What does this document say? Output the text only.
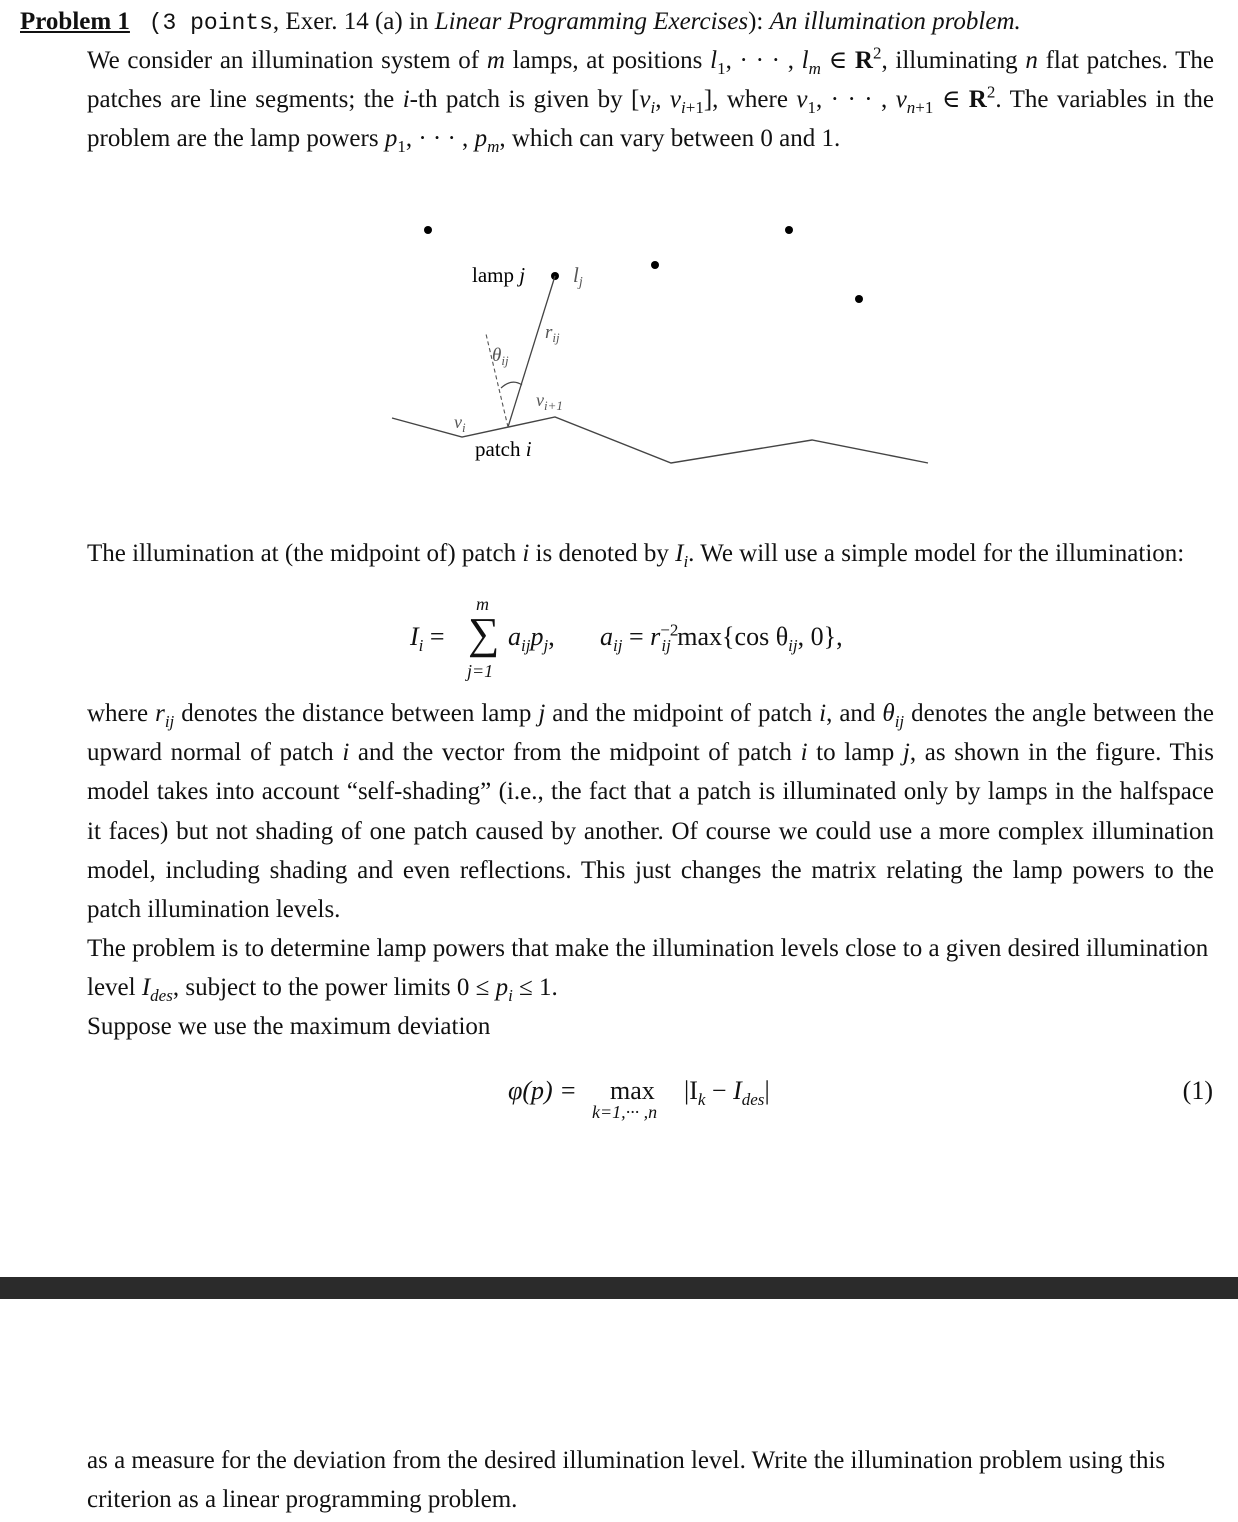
Problem 1 (3 points, Exer. 14 (a) in Linear Programming Exercises): An illumination problem.
We consider an illumination system of m lamps, at positions $l_1$, · · · , $l_m$ ∈ $R^2$, illuminating n flat patches. The patches are line segments; the i-th patch is given by [$v_i$, $v_{i+1}$], where $v_1$, · · · , $v_{n+1}$ ∈ $R^2$. The variables in the problem are the lamp powers $p_1$, · · · , $p_m$, which can vary between 0 and 1.
lamp j lj
$r_{ij}$
$\theta_{ij}$
$v_{i+1}$
$v_i$
patch i
The illumination at (the midpoint of) patch i is denoted by $I_i$. We will use a simple model for the illumination:
$I_i$ =
m
∑
j=1
$a_{ij}p_j$, $a_{ij} = r^{-2}_{ij}$ max{cos $\theta_{ij}$, 0},
where $r_{ij}$ denotes the distance between lamp j and the midpoint of patch i, and $\theta_{ij}$ denotes the angle between the upward normal of patch i and the vector from the midpoint of patch i to lamp j, as shown in the figure. This model takes into account “self-shading” (i.e., the fact that a patch is illuminated only by lamps in the halfspace it faces) but not shading of one patch caused by another. Of course we could use a more complex illumination model, including shading and even reflections. This just changes the matrix relating the lamp powers to the patch illumination levels.
The problem is to determine lamp powers that make the illumination levels close to a given desired illumination level $I_{des}$, subject to the power limits $0 \le p_i \le 1$.
Suppose we use the maximum deviation
φ(p) = max
k=1,··· ,n
$|I_k - I_{des}|$	(1)
as a measure for the deviation from the desired illumination level. Write the illumination problem using this criterion as a linear programming problem.
